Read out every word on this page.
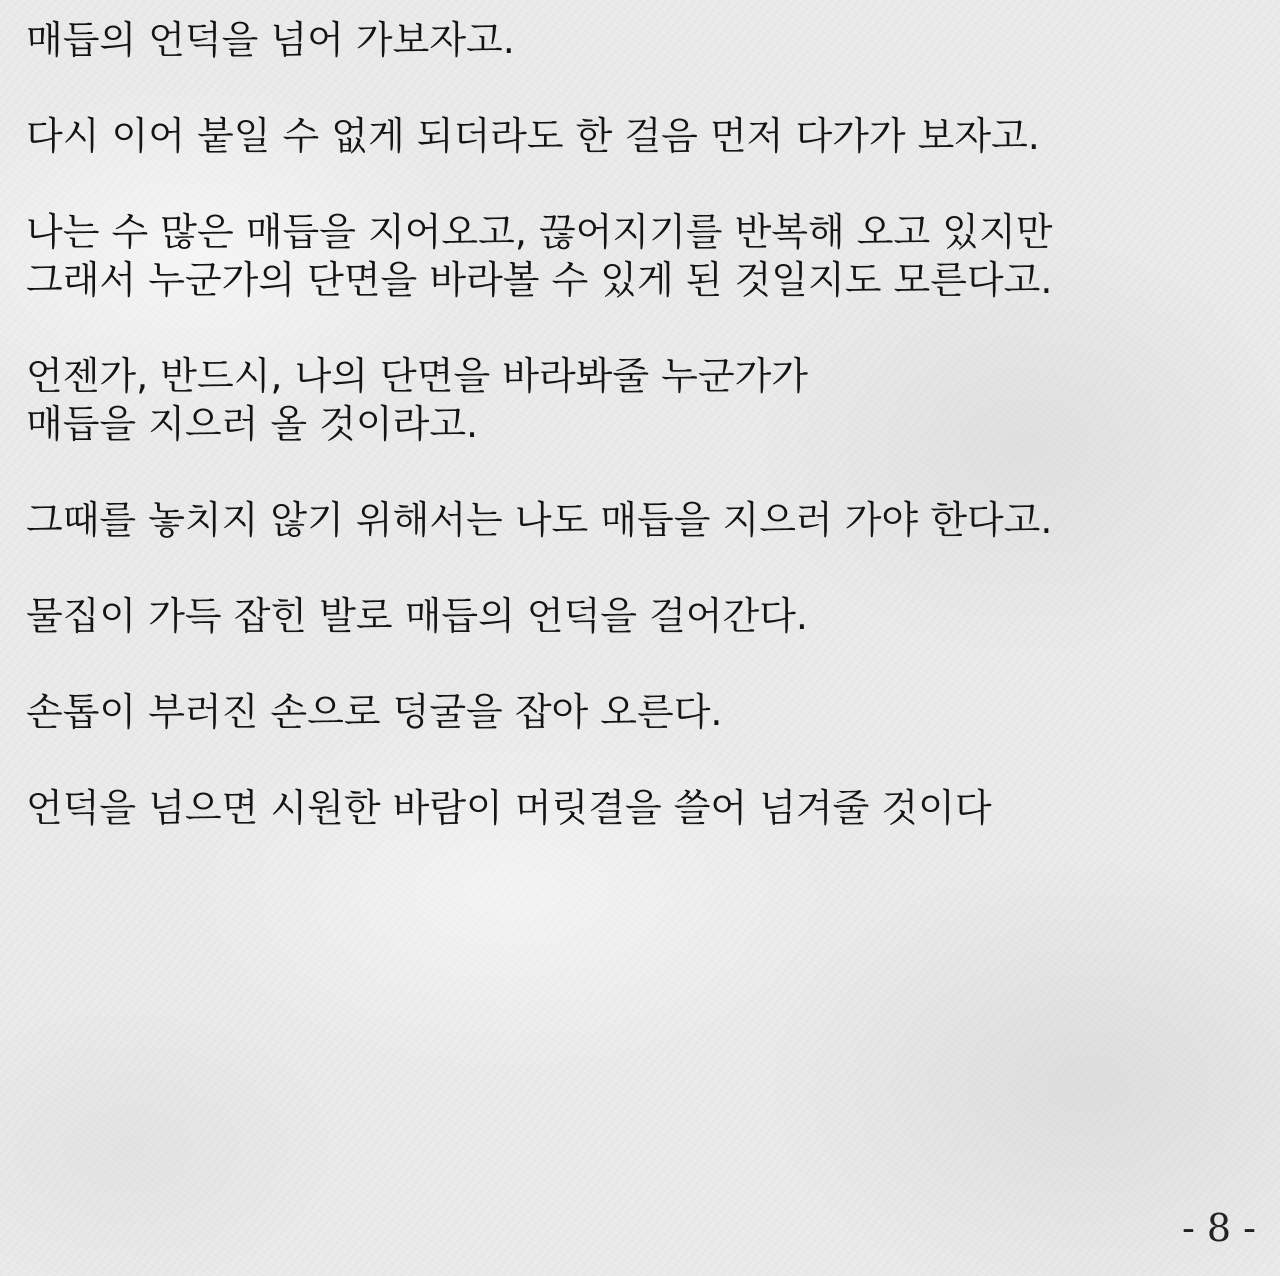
매듭의 언덕을 넘어 가보자고.

다시 이어 붙일 수 없게 되더라도 한 걸음 먼저 다가가 보자고.

나는 수 많은 매듭을 지어오고, 끊어지기를 반복해 오고 있지만
그래서 누군가의 단면을 바라볼 수 있게 된 것일지도 모른다고.

언젠가, 반드시, 나의 단면을 바라봐줄 누군가가
매듭을 지으러 올 것이라고.

그때를 놓치지 않기 위해서는 나도 매듭을 지으러 가야 한다고.

물집이 가득 잡힌 발로 매듭의 언덕을 걸어간다.

손톱이 부러진 손으로 덩굴을 잡아 오른다.

언덕을 넘으면 시원한 바람이 머릿결을 쓸어 넘겨줄 것이다

- 8 -
